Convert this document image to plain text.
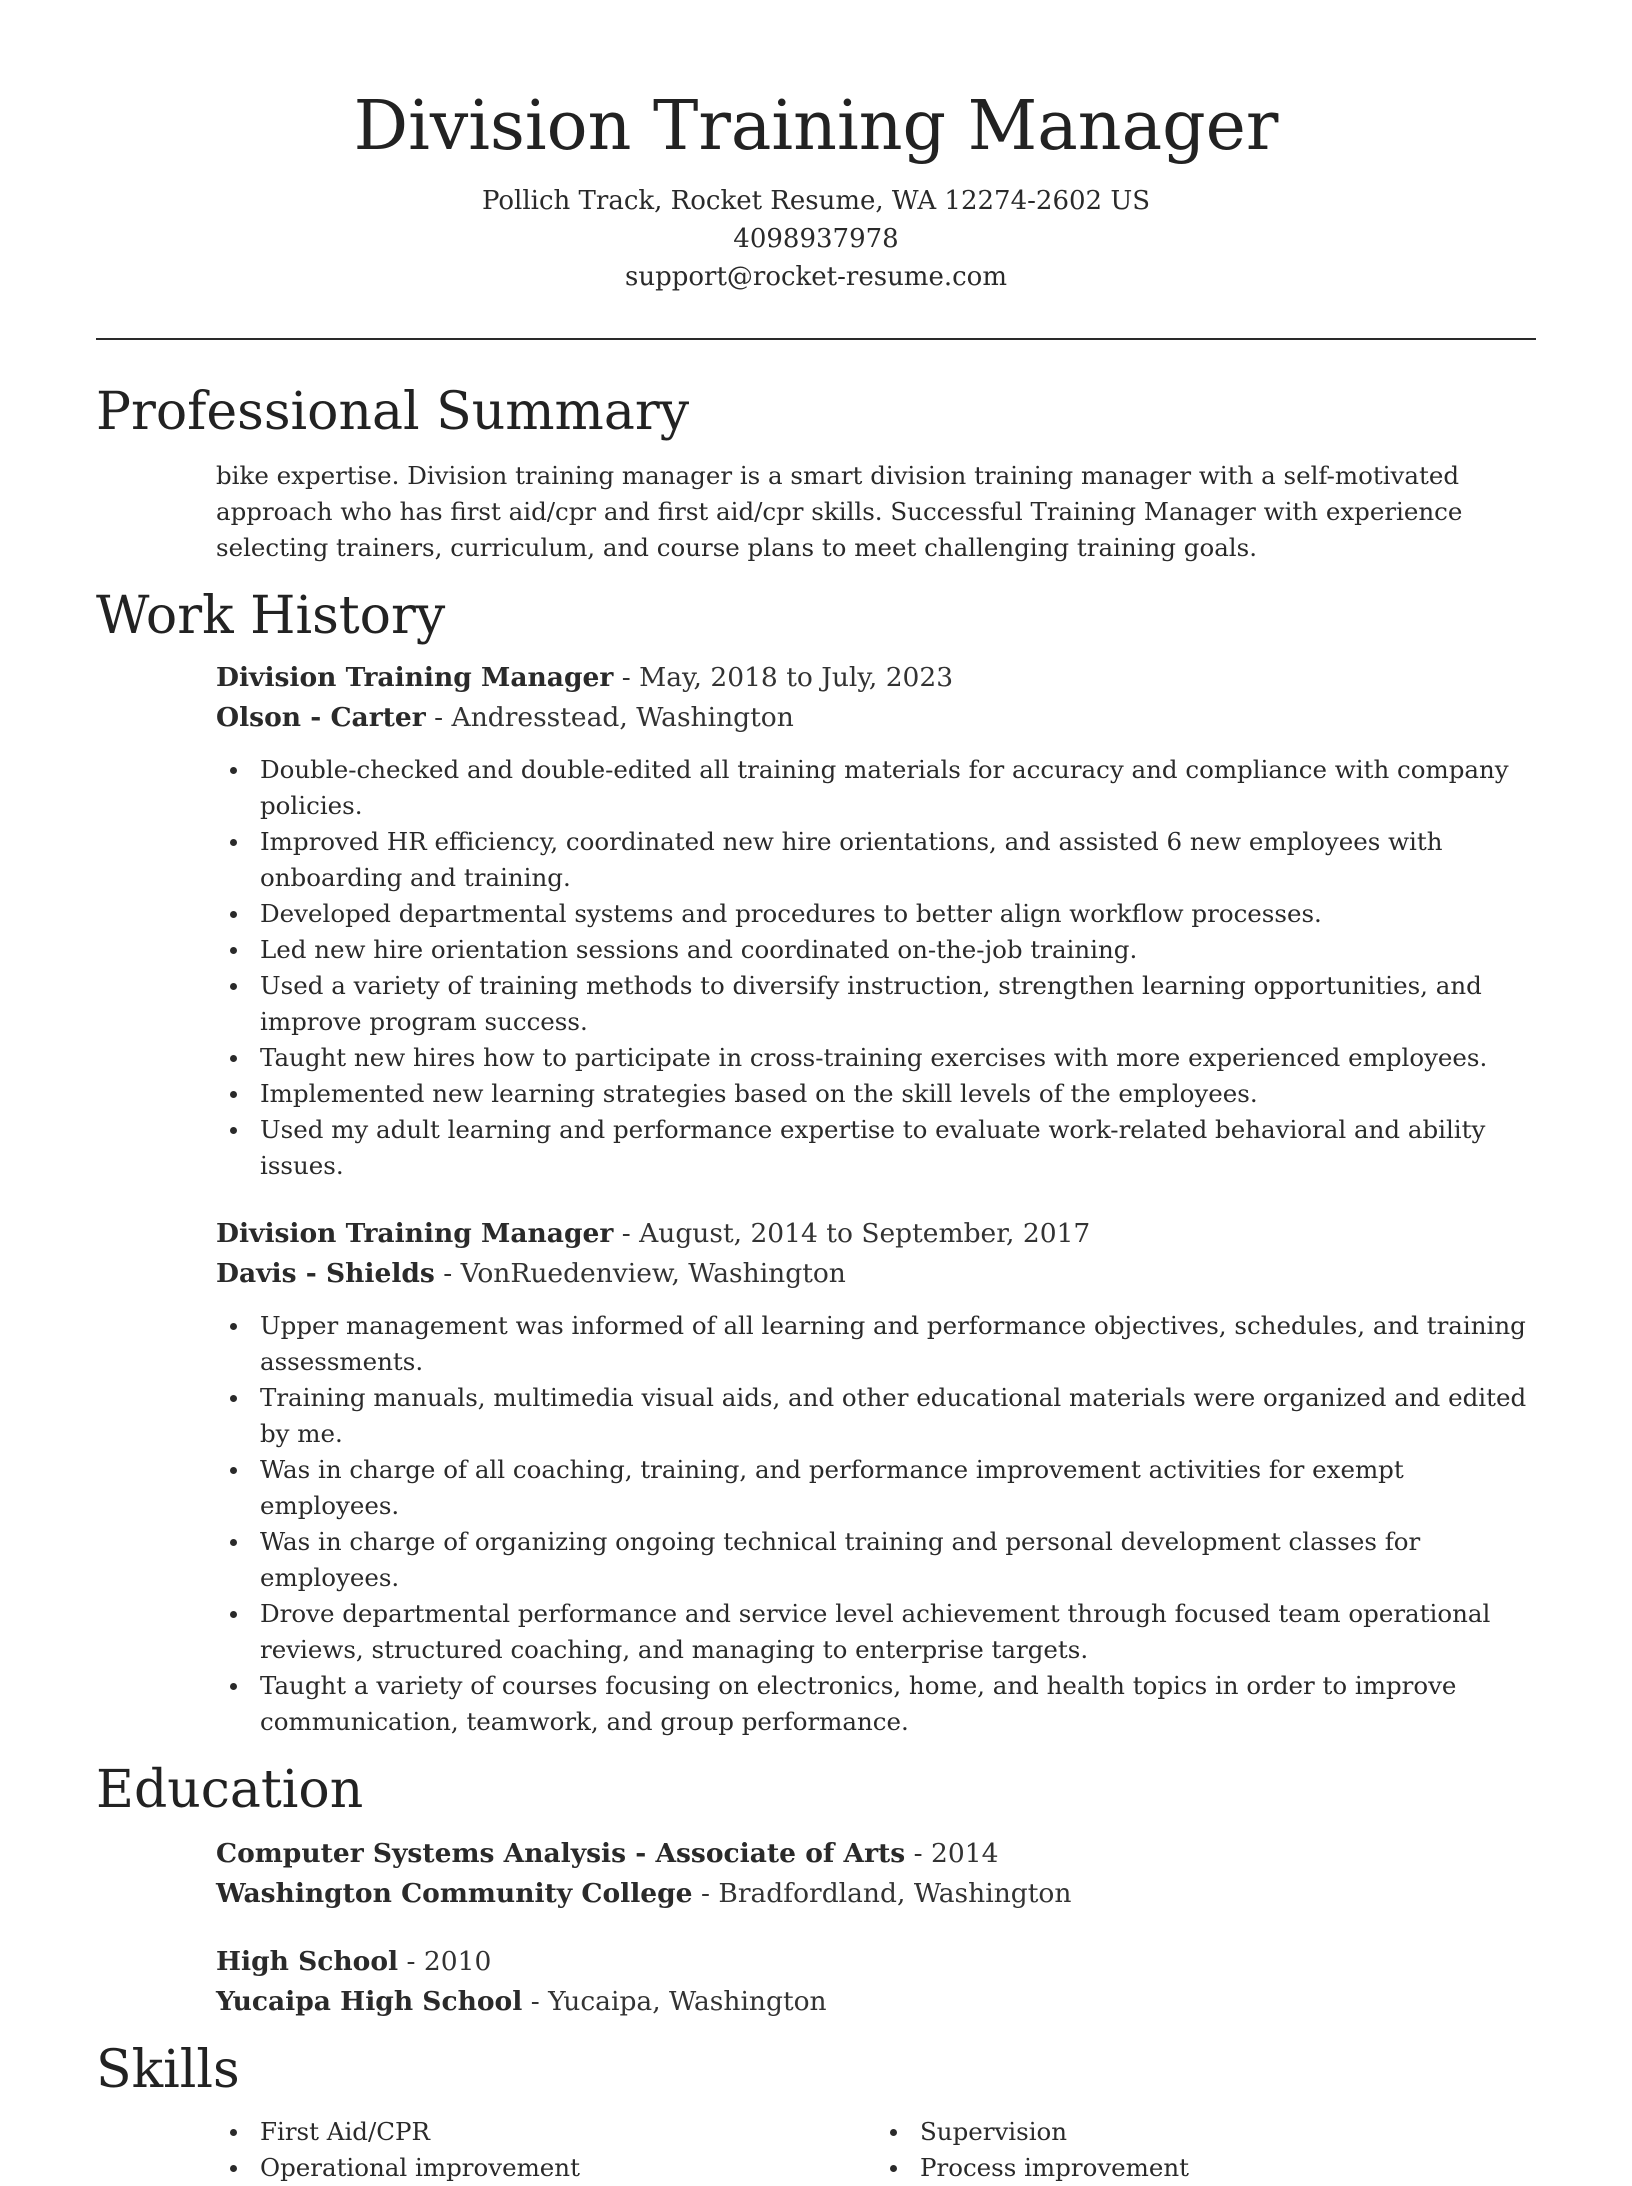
Division Training Manager
Pollich Track, Rocket Resume, WA 12274-2602 US
4098937978
support@rocket-resume.com
Professional Summary
bike expertise. Division training manager is a smart division training manager with a self-motivated approach who has first aid/cpr and first aid/cpr skills. Successful Training Manager with experience selecting trainers, curriculum, and course plans to meet challenging training goals.
Work History
Division Training Manager - May, 2018 to July, 2023
Olson - Carter - Andresstead, Washington
Double-checked and double-edited all training materials for accuracy and compliance with company policies.
Improved HR efficiency, coordinated new hire orientations, and assisted 6 new employees with onboarding and training.
Developed departmental systems and procedures to better align workflow processes.
Led new hire orientation sessions and coordinated on-the-job training.
Used a variety of training methods to diversify instruction, strengthen learning opportunities, and improve program success.
Taught new hires how to participate in cross-training exercises with more experienced employees.
Implemented new learning strategies based on the skill levels of the employees.
Used my adult learning and performance expertise to evaluate work-related behavioral and ability issues.
Division Training Manager - August, 2014 to September, 2017
Davis - Shields - VonRuedenview, Washington
Upper management was informed of all learning and performance objectives, schedules, and training assessments.
Training manuals, multimedia visual aids, and other educational materials were organized and edited by me.
Was in charge of all coaching, training, and performance improvement activities for exempt employees.
Was in charge of organizing ongoing technical training and personal development classes for employees.
Drove departmental performance and service level achievement through focused team operational reviews, structured coaching, and managing to enterprise targets.
Taught a variety of courses focusing on electronics, home, and health topics in order to improve communication, teamwork, and group performance.
Education
Computer Systems Analysis - Associate of Arts - 2014
Washington Community College - Bradfordland, Washington
High School - 2010
Yucaipa High School - Yucaipa, Washington
Skills
First Aid/CPR
Operational improvement
Supervision
Process improvement
